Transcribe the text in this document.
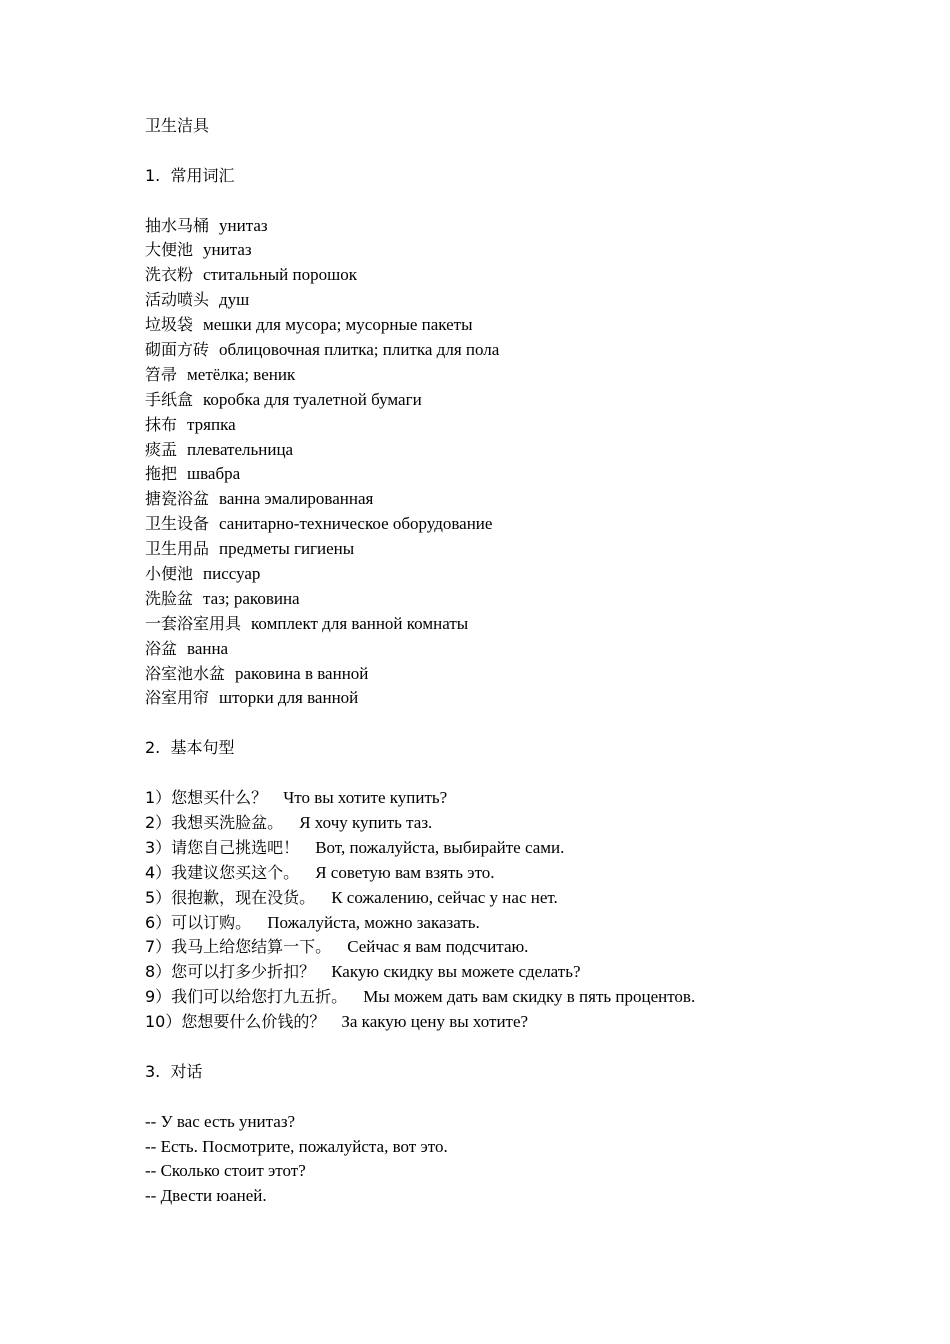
卫生洁具
1.  常用词汇
抽水马桶 унитаз
大便池 унитаз
洗衣粉 ститальный порошок
活动喷头 душ
垃圾袋 мешки для мусора; мусорные пакеты
砌面方砖 облицовочная плитка; плитка для пола
笤帚 метёлка; веник
手纸盒 коробка для туалетной бумаги
抹布 тряпка
痰盂 плевательница
拖把 швабра
搪瓷浴盆 ванна эмалированная
卫生设备 санитарно-техническое оборудование
卫生用品 предметы гигиены
小便池 писсуар
洗脸盆 таз; раковина
一套浴室用具 комплект для ванной комнаты
浴盆 ванна
浴室池水盆 раковина в ванной
浴室用帘 шторки для ванной
2.  基本句型
1）您想买什么？ Что вы хотите купить?
2）我想买洗脸盆。 Я хочу купить таз.
3）请您自己挑选吧！ Вот, пожалуйста, выбирайте сами.
4）我建议您买这个。 Я советую вам взять это.
5）很抱歉，现在没货。 К сожалению, сейчас у нас нет.
6）可以订购。 Пожалуйста, можно заказать.
7）我马上给您结算一下。 Сейчас я вам подсчитаю.
8）您可以打多少折扣？ Какую скидку вы можете сделать?
9）我们可以给您打九五折。 Мы можем дать вам скидку в пять процентов.
10）您想要什么价钱的？ За какую цену вы хотите?
3.  对话
-- У вас есть унитаз?
-- Есть. Посмотрите, пожалуйста, вот это.
-- Сколько стоит этот?
-- Двести юаней.
